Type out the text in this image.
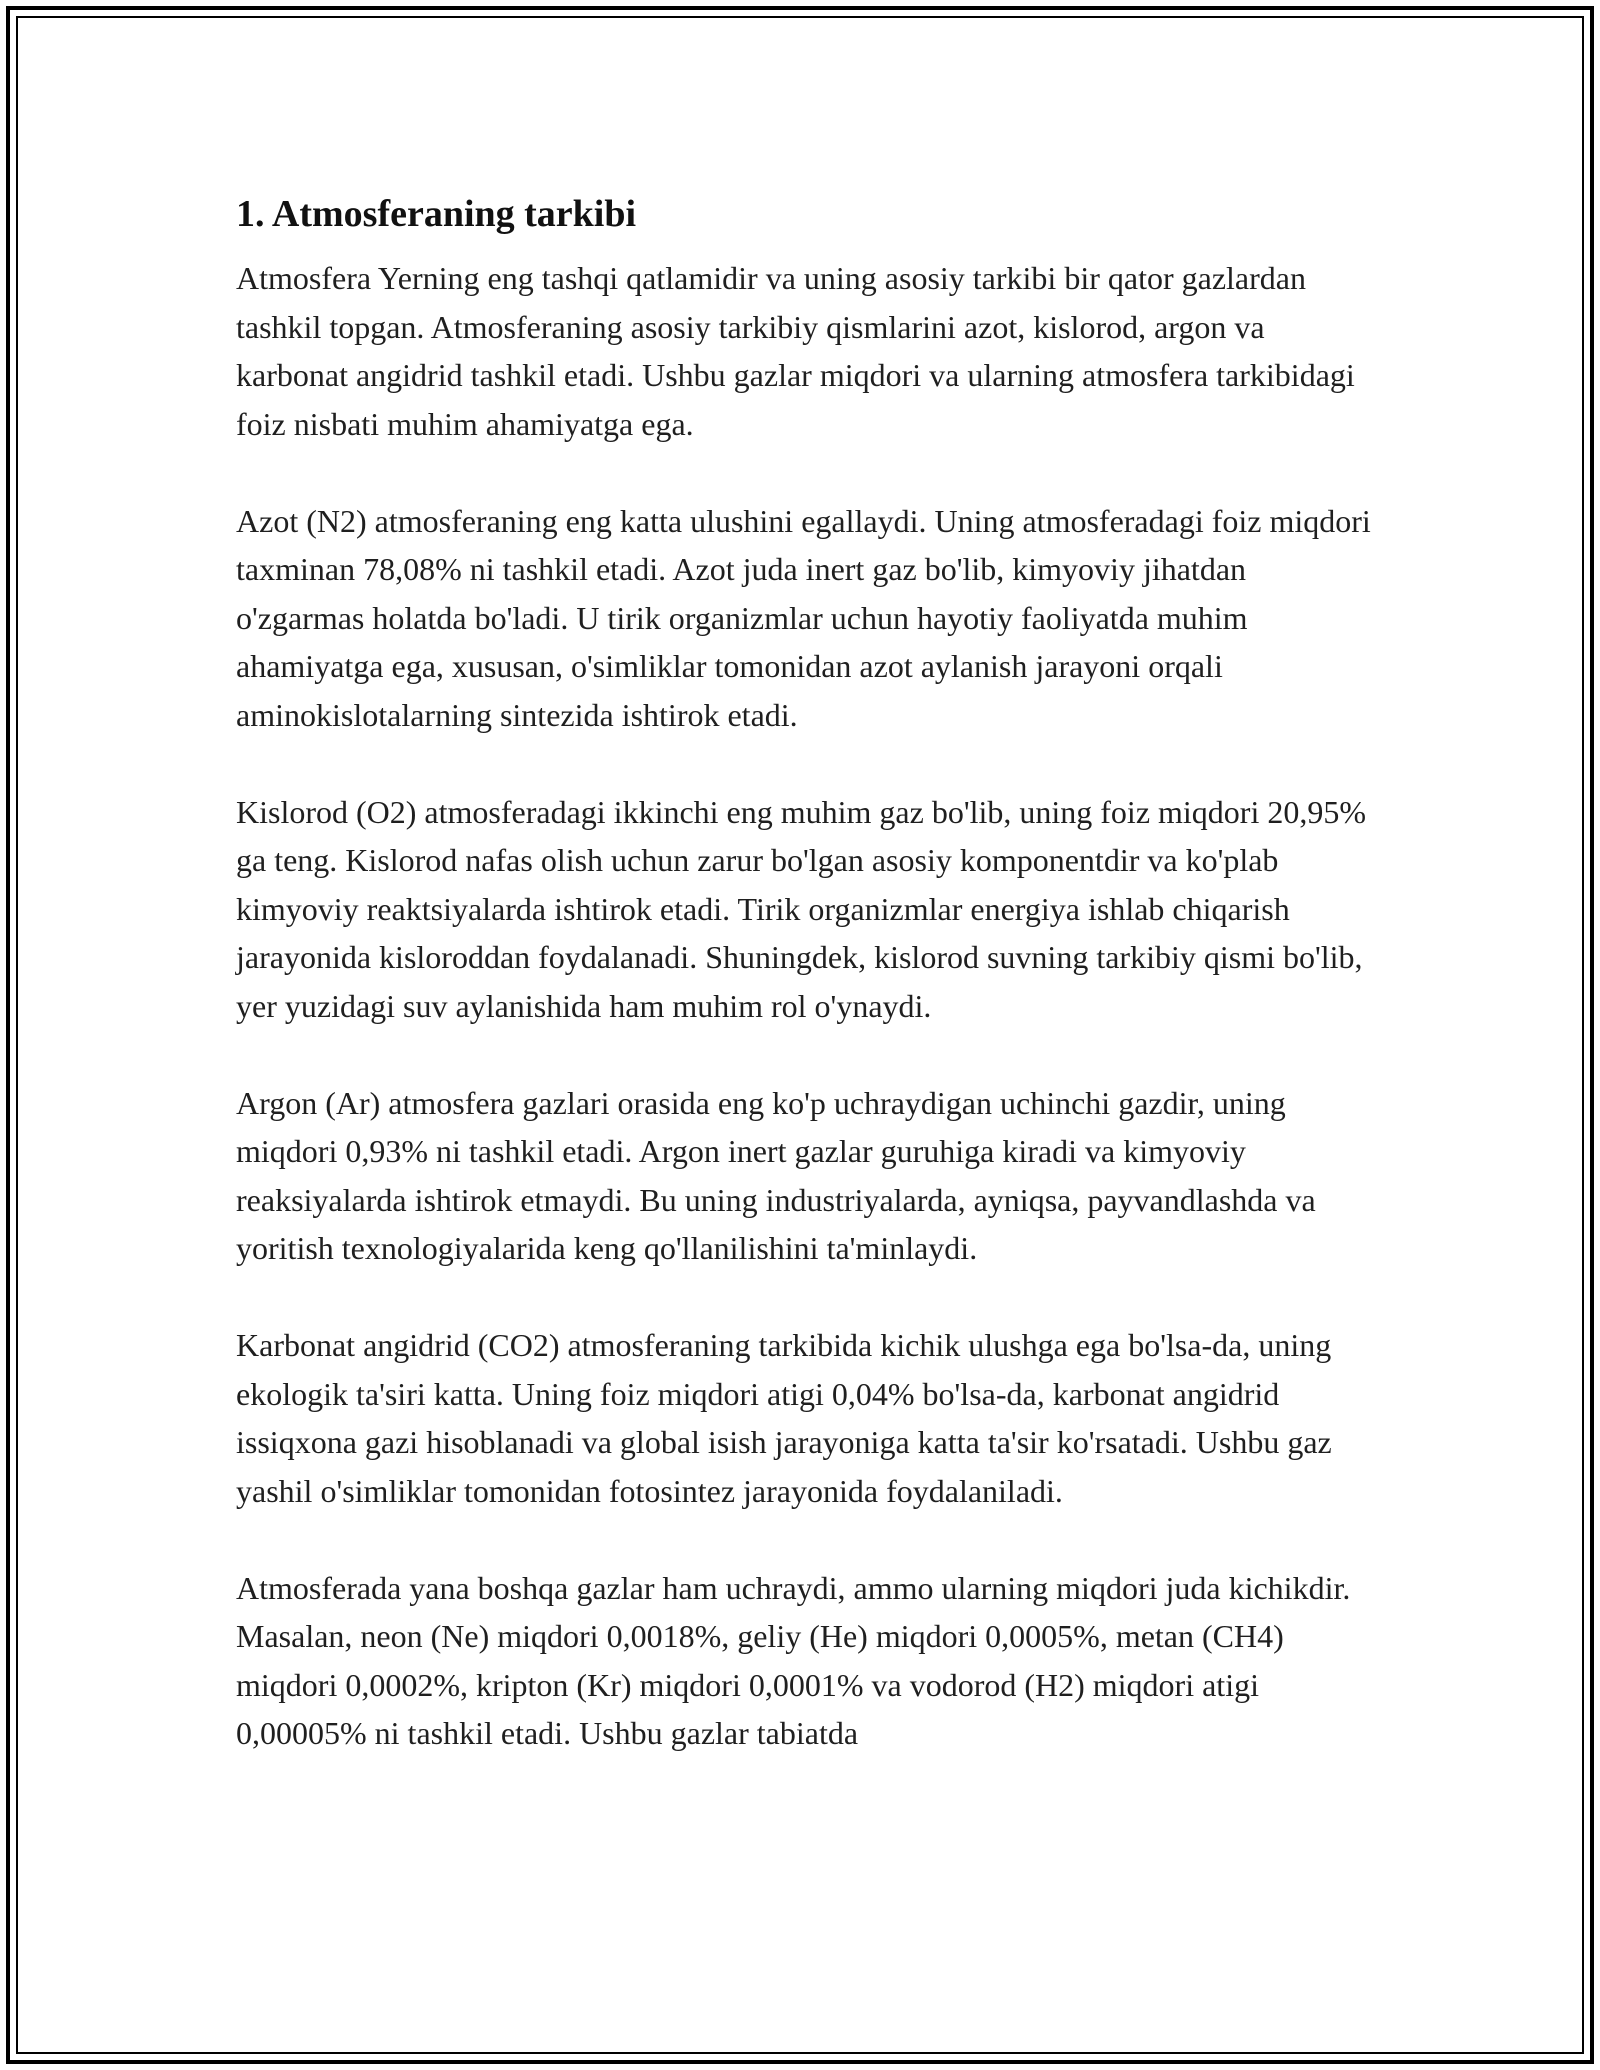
1. Atmosferaning tarkibi

Atmosfera Yerning eng tashqi qatlamidir va uning asosiy tarkibi bir qator gazlardan tashkil topgan. Atmosferaning asosiy tarkibiy qismlarini azot, kislorod, argon va karbonat angidrid tashkil etadi. Ushbu gazlar miqdori va ularning atmosfera tarkibidagi foiz nisbati muhim ahamiyatga ega.

Azot (N2) atmosferaning eng katta ulushini egallaydi. Uning atmosferadagi foiz miqdori taxminan 78,08% ni tashkil etadi. Azot juda inert gaz bo'lib, kimyoviy jihatdan o'zgarmas holatda bo'ladi. U tirik organizmlar uchun hayotiy faoliyatda muhim ahamiyatga ega, xususan, o'simliklar tomonidan azot aylanish jarayoni orqali aminokislotalarning sintezida ishtirok etadi.

Kislorod (O2) atmosferadagi ikkinchi eng muhim gaz bo'lib, uning foiz miqdori 20,95% ga teng. Kislorod nafas olish uchun zarur bo'lgan asosiy komponentdir va ko'plab kimyoviy reaktsiyalarda ishtirok etadi. Tirik organizmlar energiya ishlab chiqarish jarayonida kisloroddan foydalanadi. Shuningdek, kislorod suvning tarkibiy qismi bo'lib, yer yuzidagi suv aylanishida ham muhim rol o'ynaydi.

Argon (Ar) atmosfera gazlari orasida eng ko'p uchraydigan uchinchi gazdir, uning miqdori 0,93% ni tashkil etadi. Argon inert gazlar guruhiga kiradi va kimyoviy reaksiyalarda ishtirok etmaydi. Bu uning industriyalarda, ayniqsa, payvandlashda va yoritish texnologiyalarida keng qo'llanilishini ta'minlaydi.

Karbonat angidrid (CO2) atmosferaning tarkibida kichik ulushga ega bo'lsa-da, uning ekologik ta'siri katta. Uning foiz miqdori atigi 0,04% bo'lsa-da, karbonat angidrid issiqxona gazi hisoblanadi va global isish jarayoniga katta ta'sir ko'rsatadi. Ushbu gaz yashil o'simliklar tomonidan fotosintez jarayonida foydalaniladi.

Atmosferada yana boshqa gazlar ham uchraydi, ammo ularning miqdori juda kichikdir. Masalan, neon (Ne) miqdori 0,0018%, geliy (He) miqdori 0,0005%, metan (CH4) miqdori 0,0002%, kripton (Kr) miqdori 0,0001% va vodorod (H2) miqdori atigi 0,00005% ni tashkil etadi. Ushbu gazlar tabiatda
